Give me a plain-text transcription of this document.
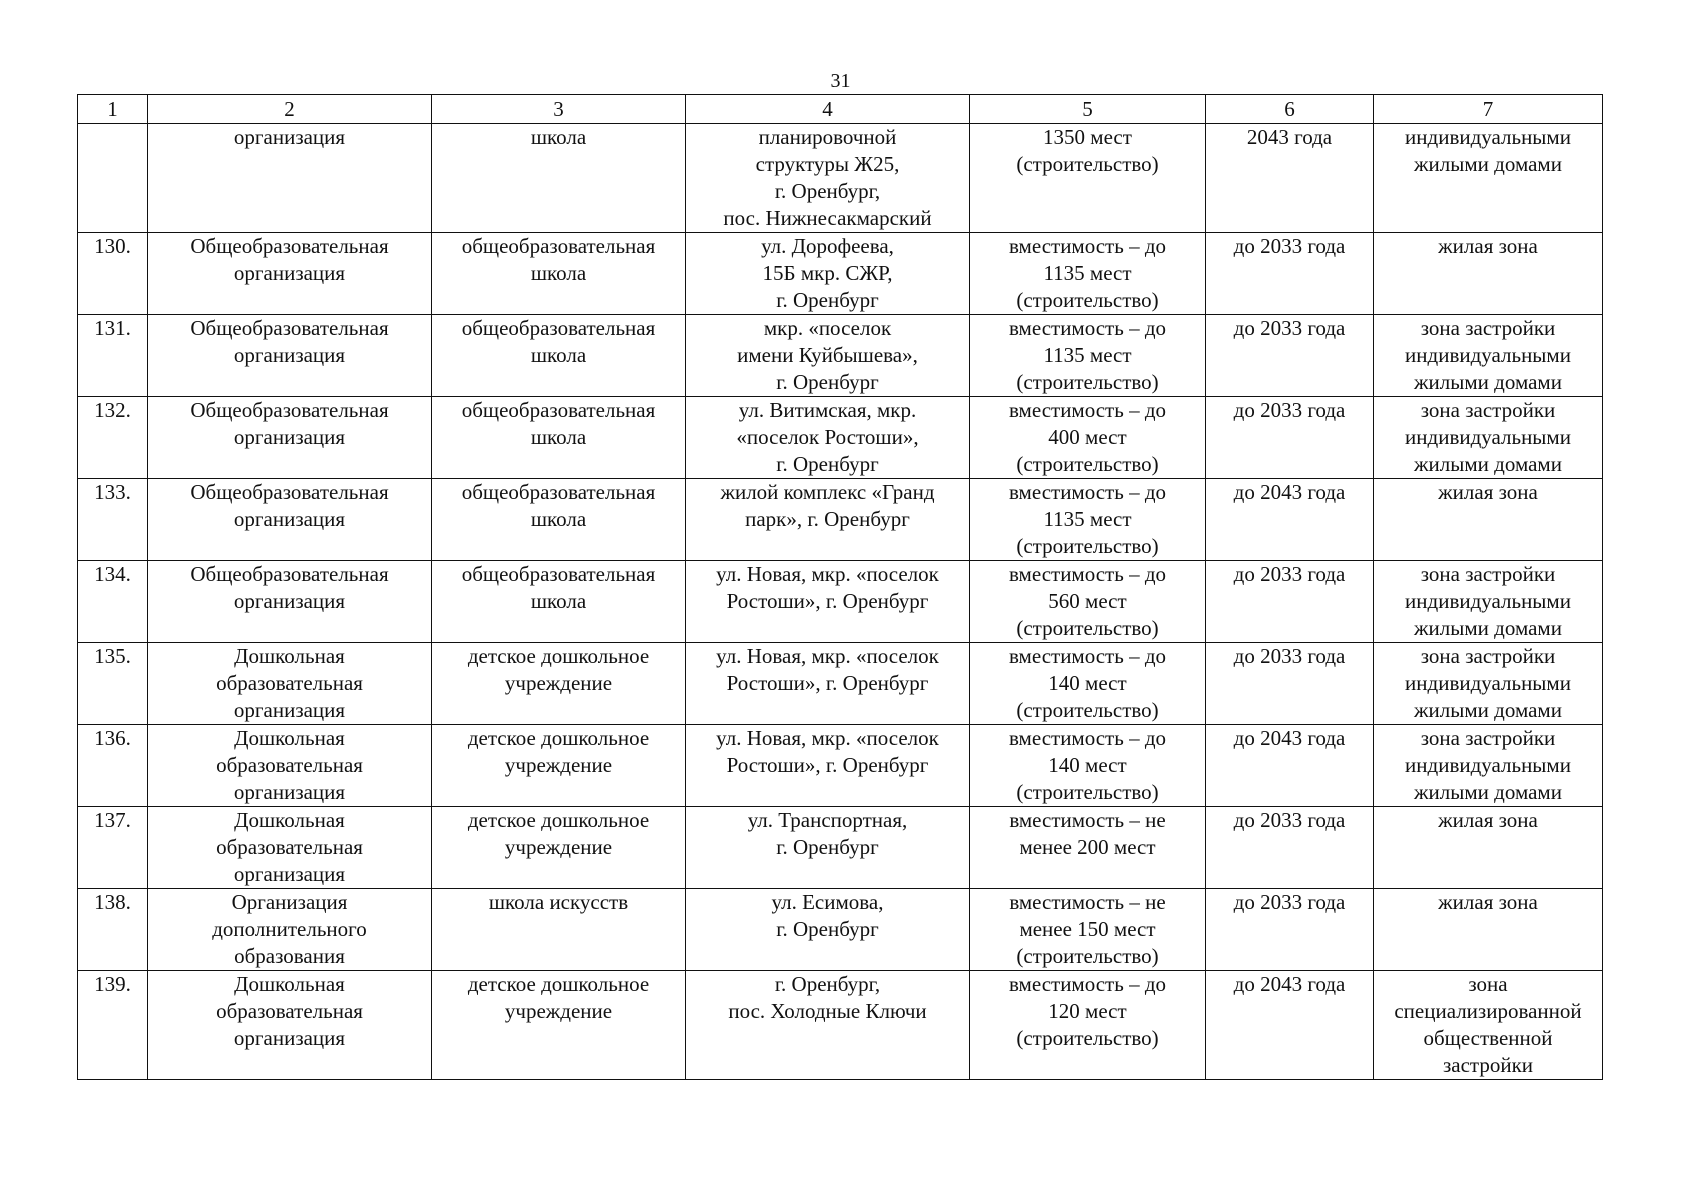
31
1	2	3	4	5	6	7

	организация	школа	планировочной
структуры Ж25,
г. Оренбург,
пос. Нижнесакмарский	1350 мест
(строительство)	2043 года	индивидуальными
жилыми домами

130.	Общеобразовательная
организация	общеобразовательная
школа	ул. Дорофеева,
15Б мкр. СЖР,
г. Оренбург	вместимость – до
1135 мест
(строительство)	до 2033 года	жилая зона

131.	Общеобразовательная
организация	общеобразовательная
школа	мкр. «поселок
имени Куйбышева»,
г. Оренбург	вместимость – до
1135 мест
(строительство)	до 2033 года	зона застройки
индивидуальными
жилыми домами

132.	Общеобразовательная
организация	общеобразовательная
школа	ул. Витимская, мкр.
«поселок Ростоши»,
г. Оренбург	вместимость – до
400 мест
(строительство)	до 2033 года	зона застройки
индивидуальными
жилыми домами

133.	Общеобразовательная
организация	общеобразовательная
школа	жилой комплекс «Гранд
парк», г. Оренбург	вместимость – до
1135 мест
(строительство)	до 2043 года	жилая зона

134.	Общеобразовательная
организация	общеобразовательная
школа	ул. Новая, мкр. «поселок
Ростоши», г. Оренбург	вместимость – до
560 мест
(строительство)	до 2033 года	зона застройки
индивидуальными
жилыми домами

135.	Дошкольная
образовательная
организация	детское дошкольное
учреждение	ул. Новая, мкр. «поселок
Ростоши», г. Оренбург	вместимость – до
140 мест
(строительство)	до 2033 года	зона застройки
индивидуальными
жилыми домами

136.	Дошкольная
образовательная
организация	детское дошкольное
учреждение	ул. Новая, мкр. «поселок
Ростоши», г. Оренбург	вместимость – до
140 мест
(строительство)	до 2043 года	зона застройки
индивидуальными
жилыми домами

137.	Дошкольная
образовательная
организация	детское дошкольное
учреждение	ул. Транспортная,
г. Оренбург	вместимость – не
менее 200 мест	до 2033 года	жилая зона

138.	Организация
дополнительного
образования	школа искусств	ул. Есимова,
г. Оренбург	вместимость – не
менее 150 мест
(строительство)	до 2033 года	жилая зона

139.	Дошкольная
образовательная
организация	детское дошкольное
учреждение	г. Оренбург,
пос. Холодные Ключи	вместимость – до
120 мест
(строительство)	до 2043 года	зона
специализированной
общественной
застройки
